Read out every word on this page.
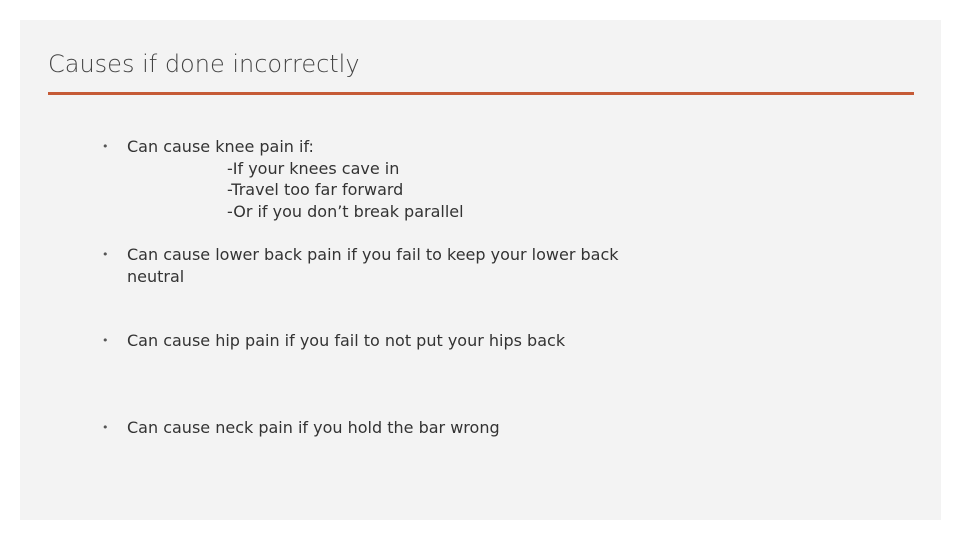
Causes if done incorrectly
• Can cause knee pain if:
-If your knees cave in
-Travel too far forward
-Or if you don’t break parallel
• Can cause lower back pain if you fail to keep your lower back neutral
• Can cause hip pain if you fail to not put your hips back
• Can cause neck pain if you hold the bar wrong
